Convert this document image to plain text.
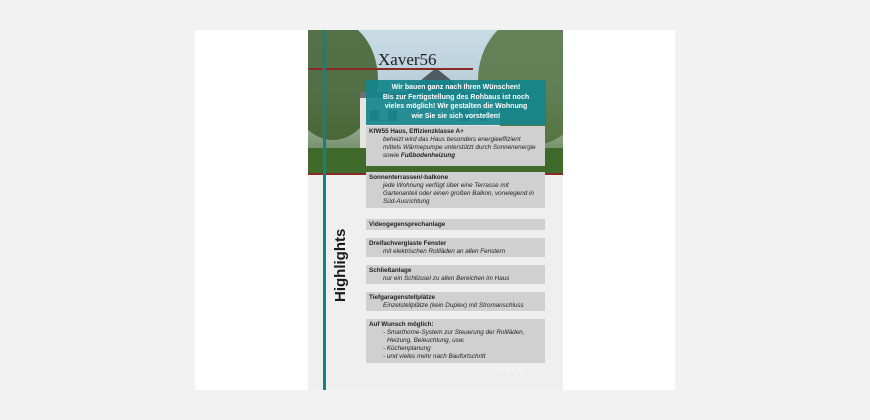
Xaver56
Wir bauen ganz nach Ihren Wünschen!
Bis zur Fertigstellung des Rohbaus ist noch
vieles möglich! Wir gestalten die Wohnung
wie Sie sie sich vorstellen!
KfW55 Haus, Effizienzklasse A+
beheizt wird das Haus besonders energieeffizient
mittels Wärmepumpe unterstützt durch Sonnenenergie
sowie Fußbodenheizung
Sonnenterrassen/-balkone
jede Wohnung verfügt über eine Terrasse mit
Gartenanteil oder einen großen Balkon, vorwiegend in
Süd-Ausrichtung
Videogegensprechanlage
Dreifachverglaste Fenster
mit elektrischen Rollläden an allen Fenstern
Schließanlage
nur ein Schlüssel zu allen Bereichen im Haus
Tiefgaragenstellplätze
Einzelstellplätze (kein Duplex) mit Stromanschluss
Auf Wunsch möglich:
- Smarthome-System zur Steuerung der Rollläden,
Heizung, Beleuchtung, usw.
- Küchenplanung
- und vieles mehr nach Baufortschritt
Highlights
DAKA
